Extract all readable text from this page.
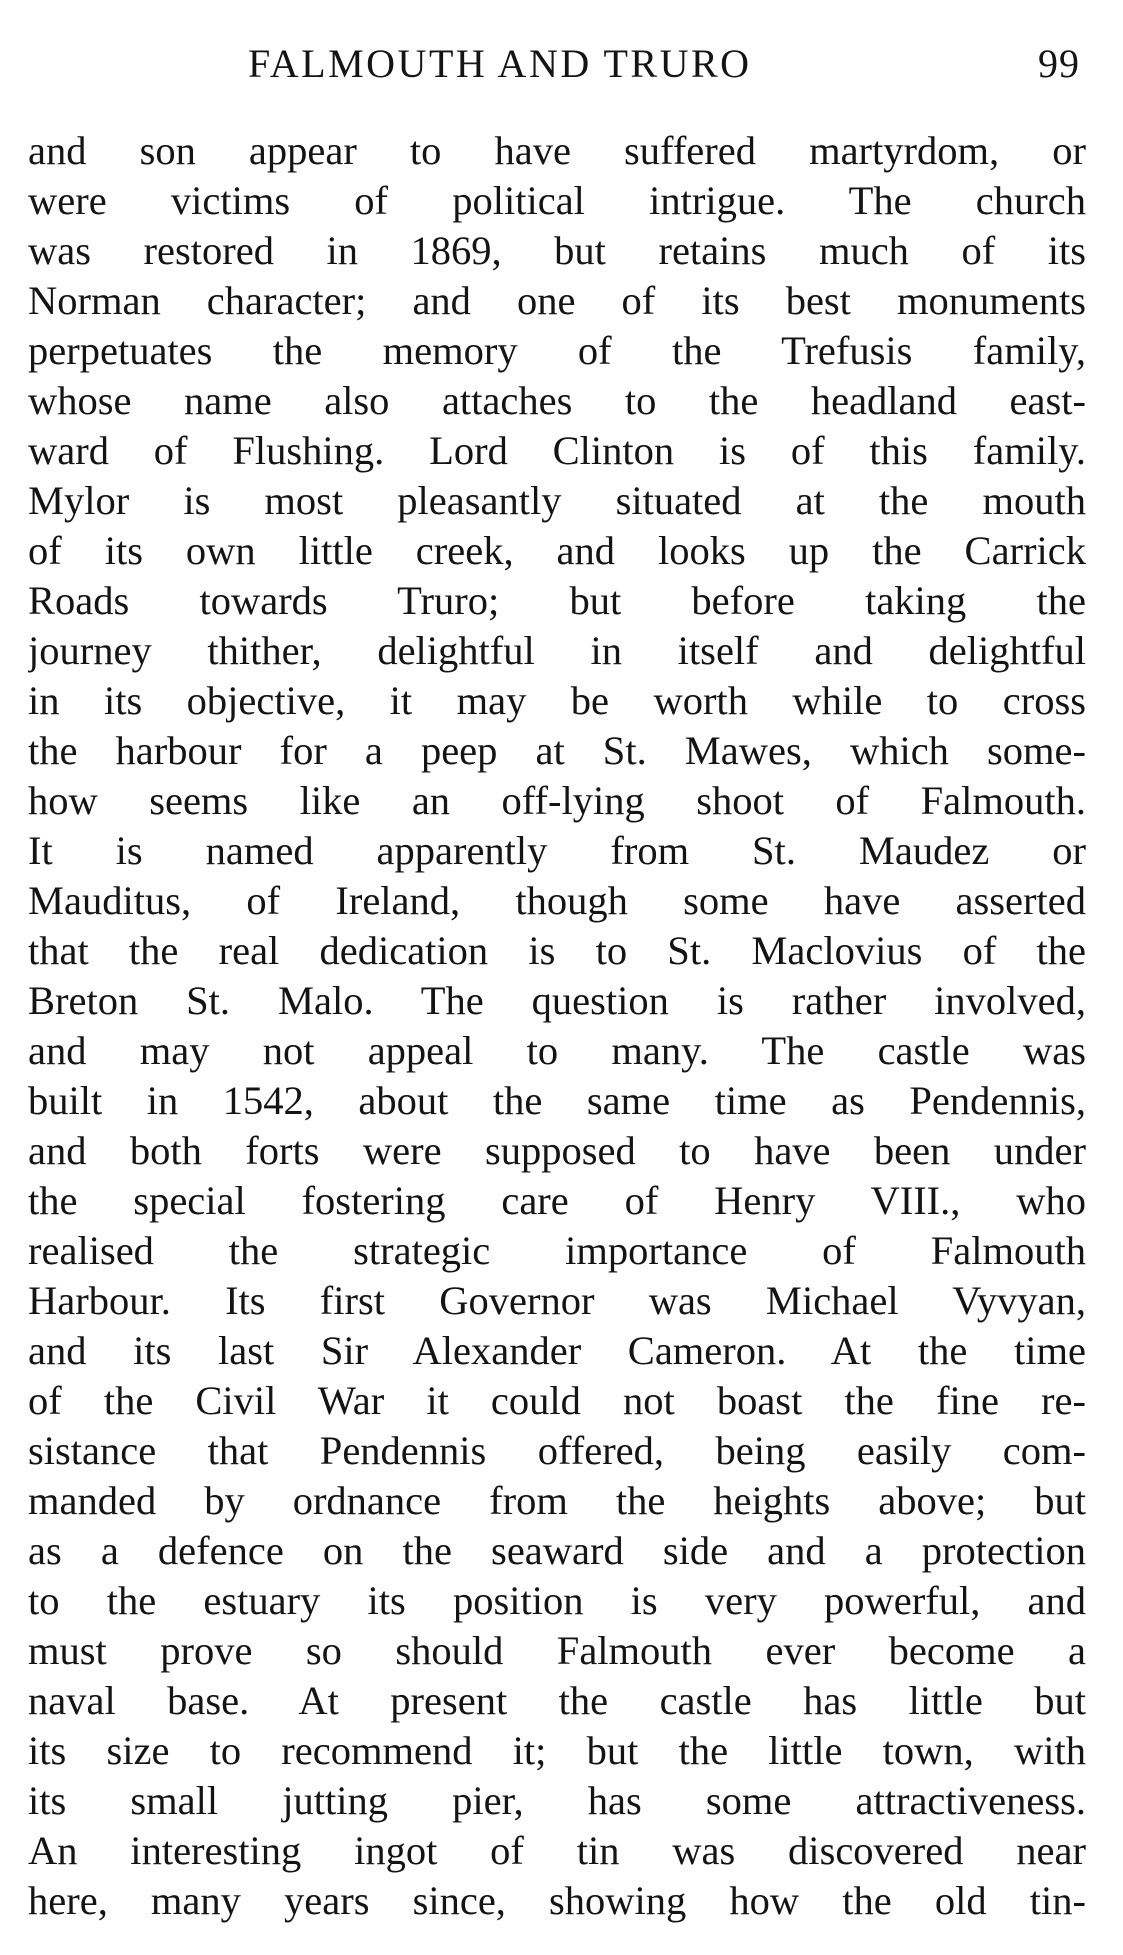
FALMOUTH AND TRURO	99
and son appear to have suffered martyrdom, or
were victims of political intrigue. The church
was restored in 1869, but retains much of its
Norman character; and one of its best monuments
perpetuates the memory of the Trefusis family,
whose name also attaches to the headland east-
ward of Flushing. Lord Clinton is of this family.
Mylor is most pleasantly situated at the mouth
of its own little creek, and looks up the Carrick
Roads towards Truro; but before taking the
journey thither, delightful in itself and delightful
in its objective, it may be worth while to cross
the harbour for a peep at St. Mawes, which some-
how seems like an off-lying shoot of Falmouth.
It is named apparently from St. Maudez or
Mauditus, of Ireland, though some have asserted
that the real dedication is to St. Maclovius of the
Breton St. Malo. The question is rather involved,
and may not appeal to many. The castle was
built in 1542, about the same time as Pendennis,
and both forts were supposed to have been under
the special fostering care of Henry VIII., who
realised the strategic importance of Falmouth
Harbour. Its first Governor was Michael Vyvyan,
and its last Sir Alexander Cameron. At the time
of the Civil War it could not boast the fine re-
sistance that Pendennis offered, being easily com-
manded by ordnance from the heights above; but
as a defence on the seaward side and a protection
to the estuary its position is very powerful, and
must prove so should Falmouth ever become a
naval base. At present the castle has little but
its size to recommend it; but the little town, with
its small jutting pier, has some attractiveness.
An interesting ingot of tin was discovered near
here, many years since, showing how the old tin-
